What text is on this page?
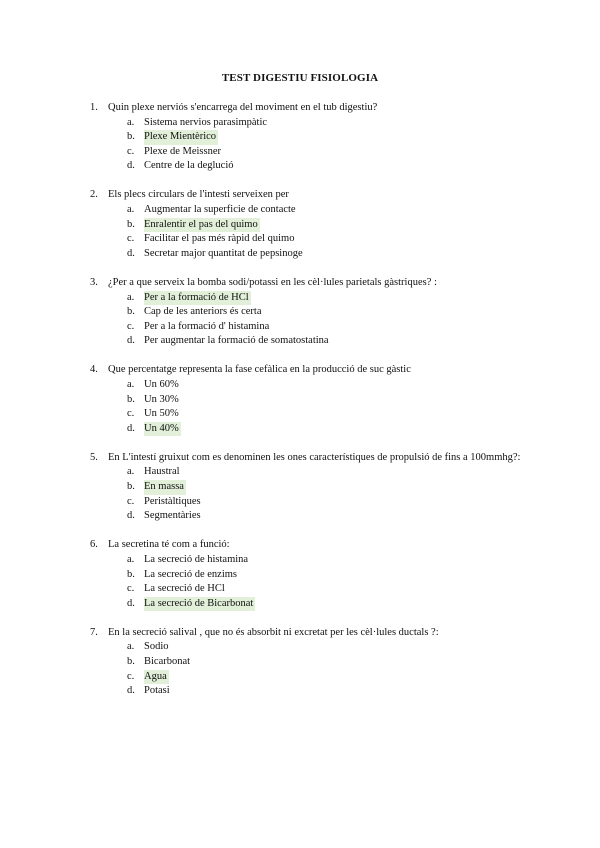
TEST DIGESTIU FISIOLOGIA
1. Quin plexe nerviós s'encarrega del moviment en el tub digestiu?
a. Sistema nervios parasimpàtic
b. Plexe Mientèrico
c. Plexe de Meissner
d. Centre de la deglució
2. Els plecs circulars de l'intesti serveixen per
a. Augmentar la superficie de contacte
b. Enralentir el pas del quimo
c. Facilitar el pas més ràpid del quimo
d. Secretar major quantitat de pepsinoge
3. ¿Per a que serveix la bomba sodi/potassi en les cèl·lules parietals gàstriques? :
a. Per a la formació de HCl
b. Cap de les anteriors és certa
c. Per a la formació d' histamina
d. Per augmentar la formació de somatostatina
4. Que percentatge representa la fase cefàlica en la producció de suc gàstic
a. Un 60%
b. Un 30%
c. Un 50%
d. Un 40%
5. En L'intestí gruixut com es denominen les ones característiques de propulsió de fins a 100mmhg?:
a. Haustral
b. En massa
c. Peristàltiques
d. Segmentàries
6. La secretina té com a funció:
a. La secreció de histamina
b. La secreció de enzims
c. La secreció de HCl
d. La secreció de Bicarbonat
7. En la secreció salival , que no és absorbit ni excretat per les cèl·lules ductals ?:
a. Sodio
b. Bicarbonat
c. Agua
d. Potasi
